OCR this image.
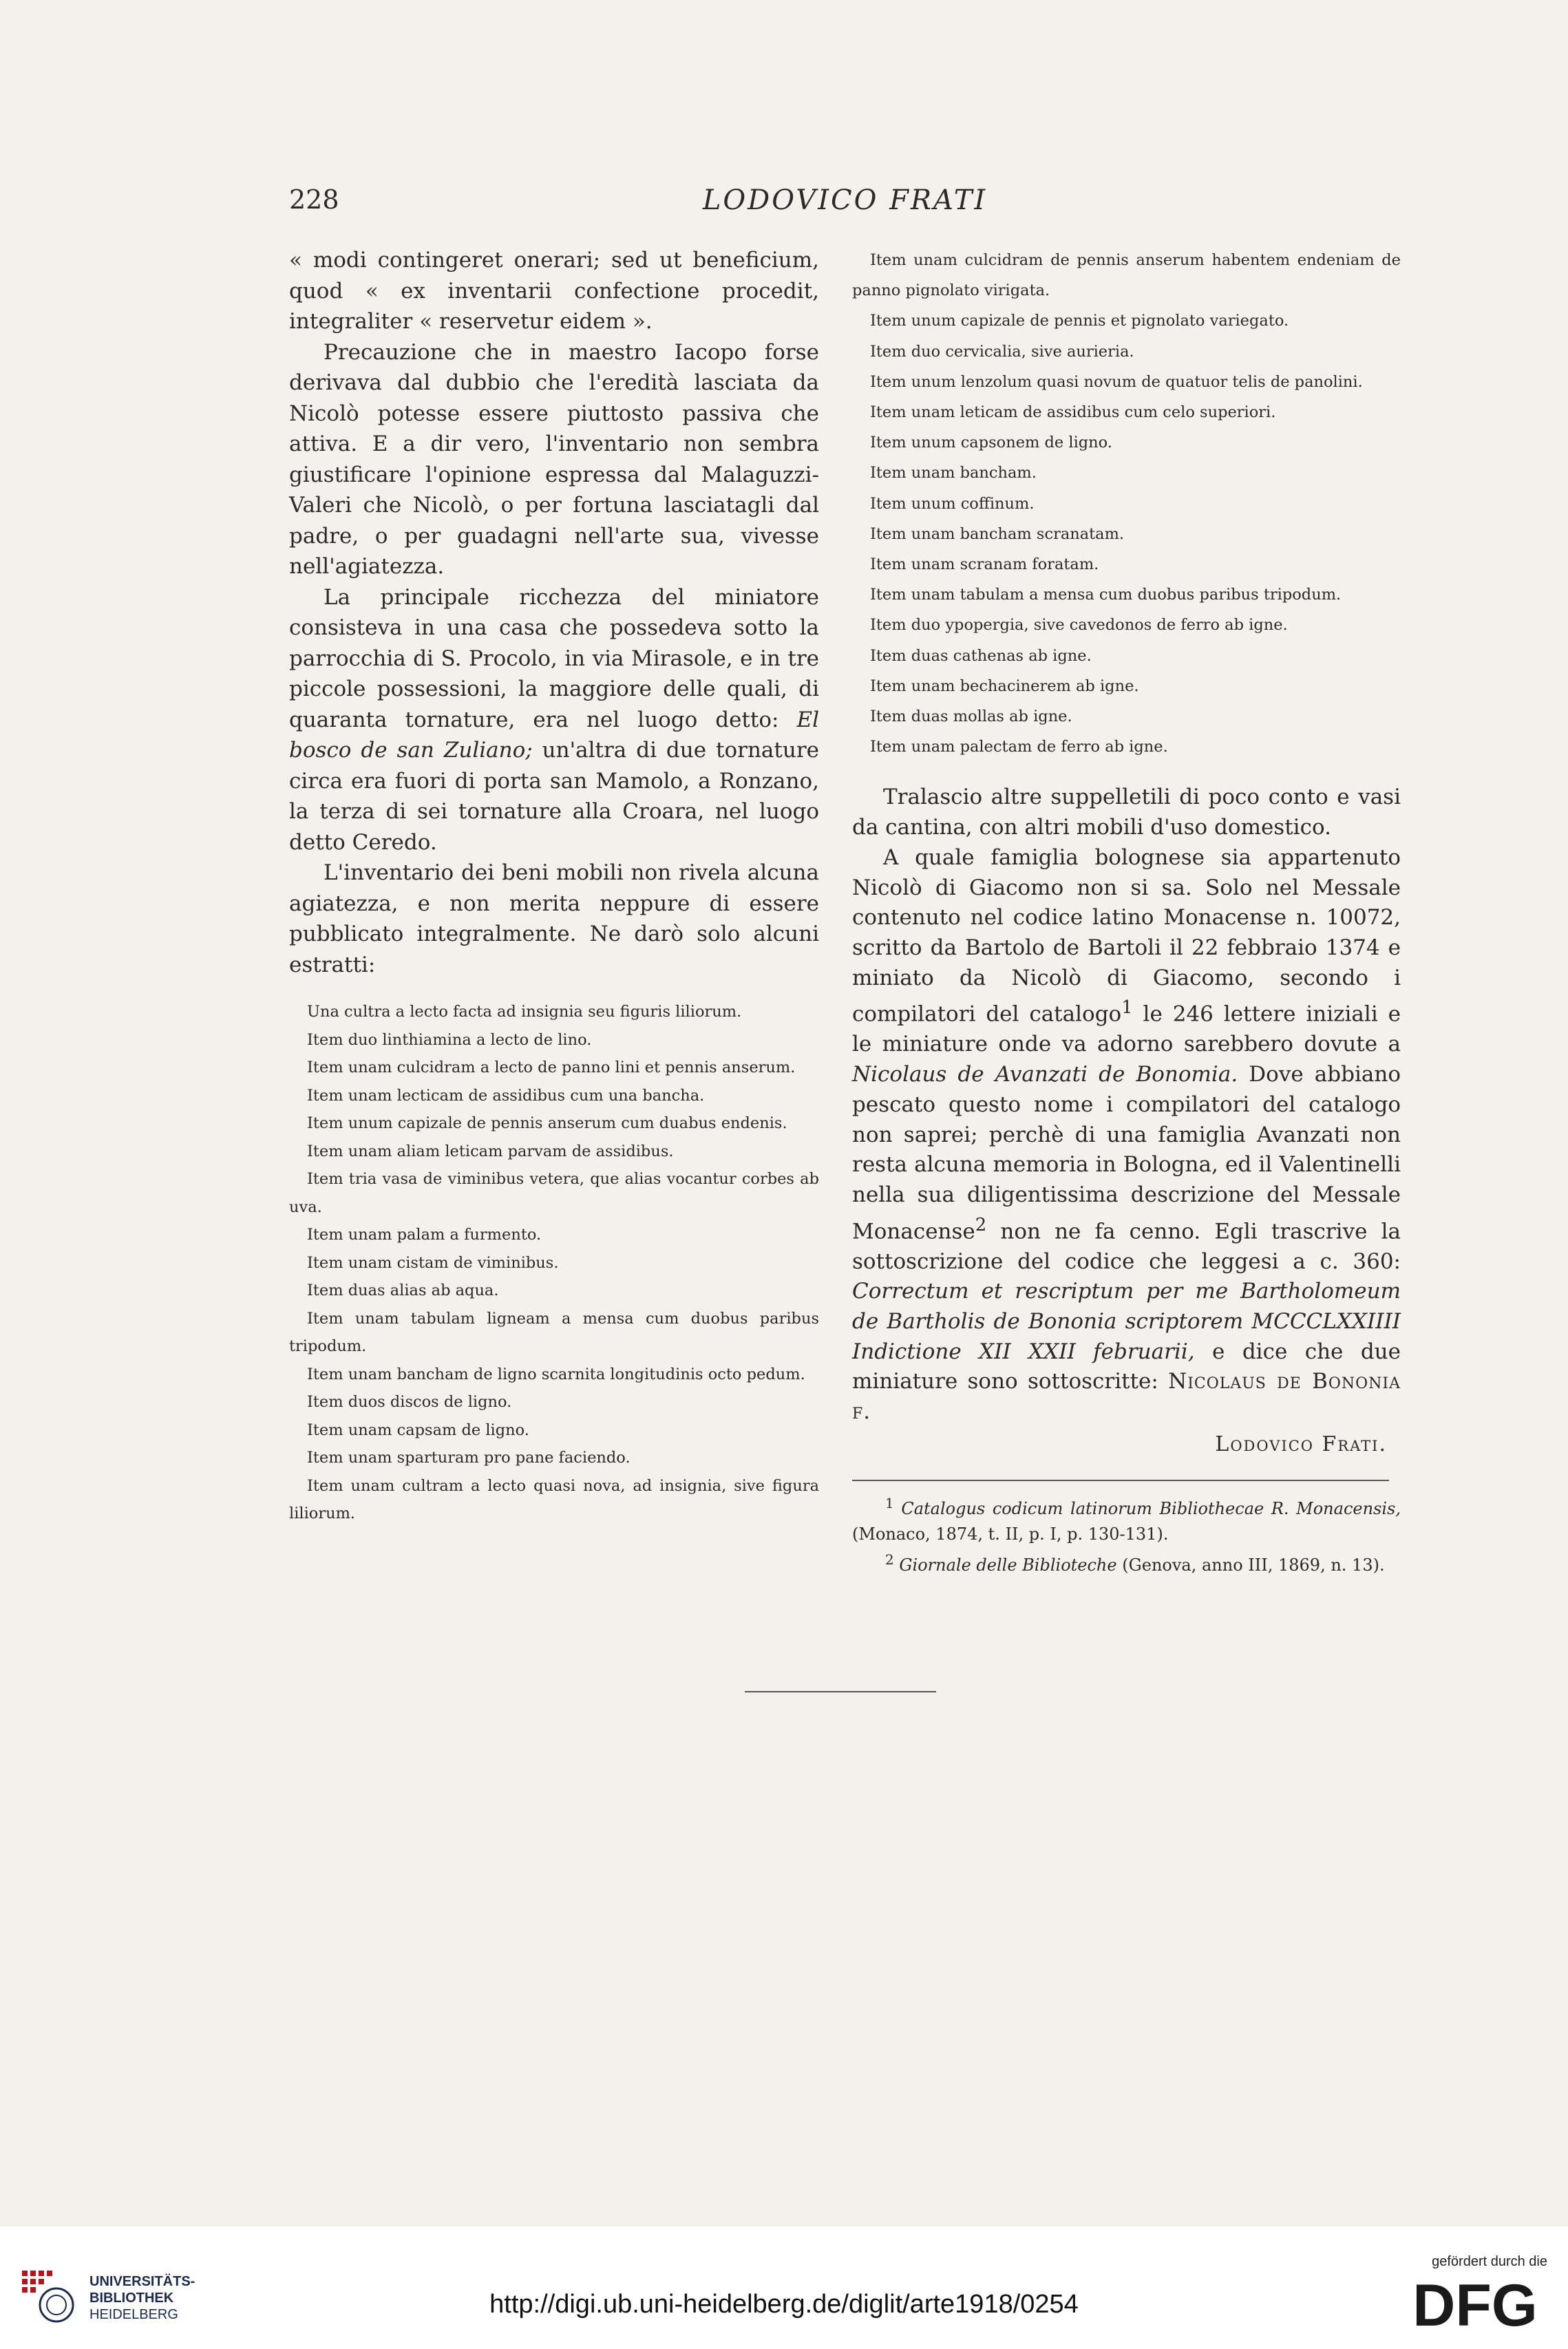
228	LODOVICO FRATI

« modi contingeret onerari; sed ut beneficium, quod « ex inventarii confectione procedit, integraliter « reservetur eidem ».

Precauzione che in maestro Iacopo forse derivava dal dubbio che l'eredità lasciata da Nicolò potesse essere piuttosto passiva che attiva. E a dir vero, l'inventario non sembra giustificare l'opinione espressa dal Malaguzzi-Valeri che Nicolò, o per fortuna lasciatagli dal padre, o per guadagni nell'arte sua, vivesse nell'agiatezza.

La principale ricchezza del miniatore consisteva in una casa che possedeva sotto la parrocchia di S. Procolo, in via Mirasole, e in tre piccole possessioni, la maggiore delle quali, di quaranta tornature, era nel luogo detto: El bosco de san Zuliano; un'altra di due tornature circa era fuori di porta san Mamolo, a Ronzano, la terza di sei tornature alla Croara, nel luogo detto Ceredo.

L'inventario dei beni mobili non rivela alcuna agiatezza, e non merita neppure di essere pubblicato integralmente. Ne darò solo alcuni estratti:

Una cultra a lecto facta ad insignia seu figuris liliorum.
Item duo linthiamina a lecto de lino.
Item unam culcidram a lecto de panno lini et pennis anserum.
Item unam lecticam de assidibus cum una bancha.
Item unum capizale de pennis anserum cum duabus endenis.
Item unam aliam leticam parvam de assidibus.
Item tria vasa de viminibus vetera, que alias vocantur corbes ab uva.
Item unam palam a furmento.
Item unam cistam de viminibus.
Item duas alias ab aqua.
Item unam tabulam ligneam a mensa cum duobus paribus tripodum.
Item unam bancham de ligno scarnita longitudinis octo pedum.
Item duos discos de ligno.
Item unam capsam de ligno.
Item unam sparturam pro pane faciendo.
Item unam cultram a lecto quasi nova, ad insignia, sive figura liliorum.
Item unam culcidram de pennis anserum habentem endeniam de panno pignolato virigata.
Item unum capizale de pennis et pignolato variegato.
Item duo cervicalia, sive aurieria.
Item unum lenzolum quasi novum de quatuor telis de panolini.
Item unam leticam de assidibus cum celo superiori.
Item unum capsonem de ligno.
Item unam bancham.
Item unum coffinum.
Item unam bancham scranatam.
Item unam scranam foratam.
Item unam tabulam a mensa cum duobus paribus tripodum.
Item duo ypopergia, sive cavedonos de ferro ab igne.
Item duas cathenas ab igne.
Item unam bechacinerem ab igne.
Item duas mollas ab igne.
Item unam palectam de ferro ab igne.

Tralascio altre suppelletili di poco conto e vasi da cantina, con altri mobili d'uso domestico.

A quale famiglia bolognese sia appartenuto Nicolò di Giacomo non si sa. Solo nel Messale contenuto nel codice latino Monacense n. 10072, scritto da Bartolo de Bartoli il 22 febbraio 1374 e miniato da Nicolò di Giacomo, secondo i compilatori del catalogo$^1$ le 246 lettere iniziali e le miniature onde va adorno sarebbero dovute a Nicolaus de Avanzati de Bonomia. Dove abbiano pescato questo nome i compilatori del catalogo non saprei; perchè di una famiglia Avanzati non resta alcuna memoria in Bologna, ed il Valentinelli nella sua diligentissima descrizione del Messale Monacense$^2$ non ne fa cenno. Egli trascrive la sottoscrizione del codice che leggesi a c. 360: Correctum et rescriptum per me Bartholomeum de Bartholis de Bononia scriptorem MCCCLXXIIII Indictione XII XXII februarii, e dice che due miniature sono sottoscritte: Nicolaus de Bononia f.

Lodovico Frati.

$^1$ Catalogus codicum latinorum Bibliothecae R. Monacensis, (Monaco, 1874, t. II, p. I, p. 130-131).

$^2$ Giornale delle Biblioteche (Genova, anno III, 1869, n. 13).

UNIVERSITÄTS-
BIBLIOTHEK
HEIDELBERG	http://digi.ub.uni-heidelberg.de/diglit/arte1918/0254
gefördert durch die
DFG
